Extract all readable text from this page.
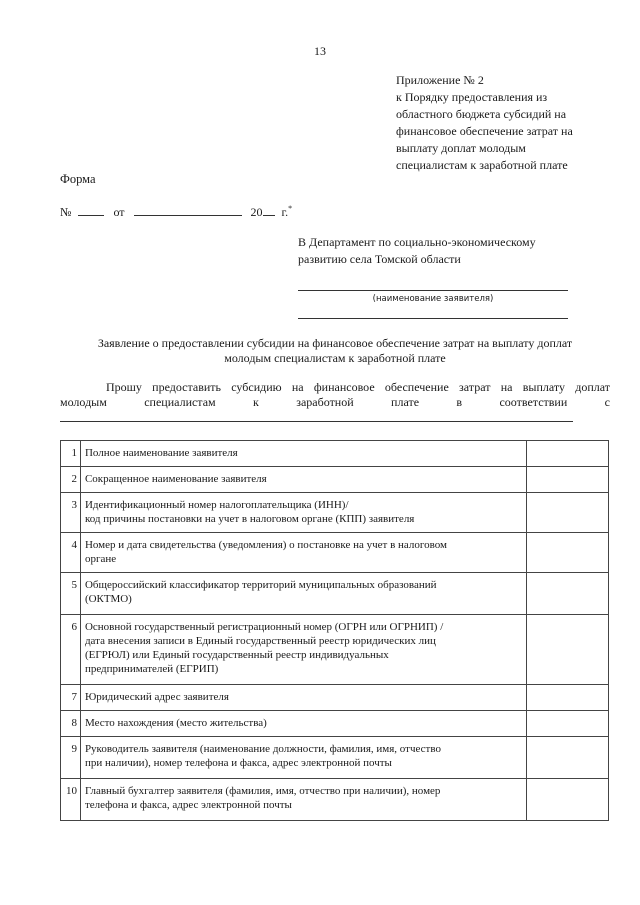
13
Приложение № 2
к Порядку предоставления из
областного бюджета субсидий на
финансовое обеспечение затрат на
выплату доплат молодым
специалистам к заработной плате
Форма
№	от	20 г.*
В Департамент по социально-экономическому
развитию села Томской области
(наименование заявителя)
Заявление о предоставлении субсидии на финансовое обеспечение затрат на выплату доплат
молодым специалистам к заработной плате
Прошу предоставить субсидию на финансовое обеспечение затрат на выплату доплат
молодым специалистам к заработной плате в соответствии с
1	Полное наименование заявителя	

2	Сокращенное наименование заявителя	

3	Идентификационный номер налогоплательщика (ИНН)/
код причины постановки на учет в налоговом органе (КПП) заявителя	

4	Номер и дата свидетельства (уведомления) о постановке на учет в налоговом
органе	

5	Общероссийский классификатор территорий муниципальных образований
(ОКТМО)	

6	Основной государственный регистрационный номер (ОГРН или ОГРНИП) /
дата внесения записи в Единый государственный реестр юридических лиц
(ЕГРЮЛ) или Единый государственный реестр индивидуальных
предпринимателей (ЕГРИП)	

7	Юридический адрес заявителя	

8	Место нахождения (место жительства)	

9	Руководитель заявителя (наименование должности, фамилия, имя, отчество
при наличии), номер телефона и факса, адрес электронной почты	

10	Главный бухгалтер заявителя (фамилия, имя, отчество при наличии), номер
телефона и факса, адрес электронной почты	
